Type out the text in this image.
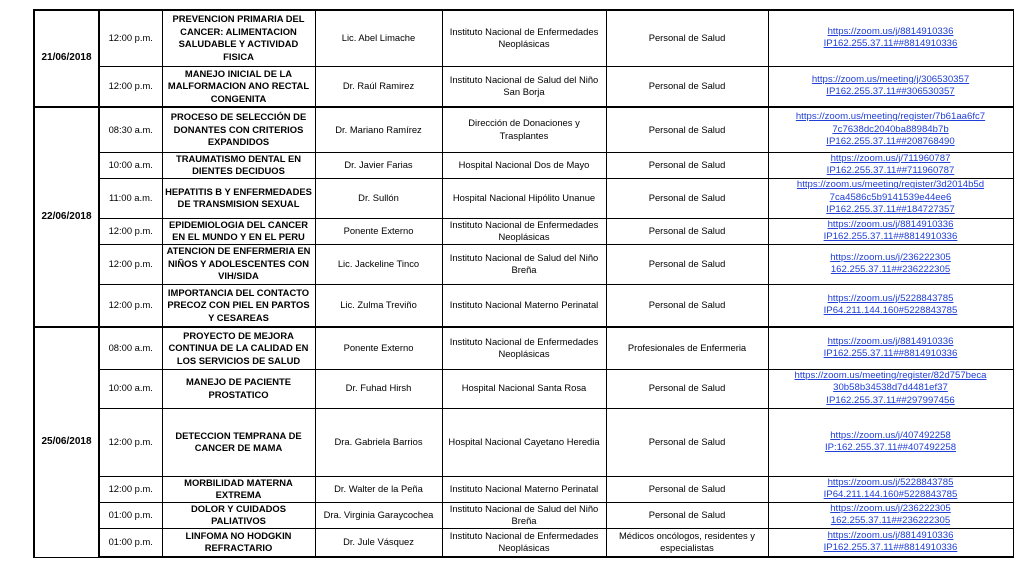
21/06/2018	12:00 p.m.	PREVENCION PRIMARIA DEL CANCER: ALIMENTACION SALUDABLE Y ACTIVIDAD FISICA	Lic. Abel Limache	Instituto Nacional de Enfermedades Neoplásicas	Personal de Salud	https://zoom.us/j/8814910336
IP162.255.37.11##8814910336

	12:00 p.m.	MANEJO INICIAL DE LA MALFORMACION ANO RECTAL CONGENITA	Dr. Raúl Ramirez	Instituto Nacional de Salud del Niño San Borja	Personal de Salud	https://zoom.us/meeting/j/306530357
IP162.255.37.11##306530357

22/06/2018	08:30 a.m.	PROCESO DE SELECCIÓN DE DONANTES CON CRITERIOS EXPANDIDOS	Dr. Mariano Ramírez	Dirección de Donaciones y Trasplantes	Personal de Salud	https://zoom.us/meeting/register/7b61aa6fc7
7c7638dc2040ba88984b7b
IP162.255.37.11##208768490

	10:00 a.m.	TRAUMATISMO DENTAL EN DIENTES DECIDUOS	Dr. Javier Farias	Hospital Nacional Dos de Mayo	Personal de Salud	https://zoom.us/j/711960787
IP162.255.37.11##711960787

	11:00 a.m.	HEPATITIS B Y ENFERMEDADES DE TRANSMISION SEXUAL	Dr. Sullón	Hospital Nacional Hipólito Unanue	Personal de Salud	https://zoom.us/meeting/register/3d2014b5d
7ca4586c5b9141539e44ee6
IP162.255.37.11##184727357

	12:00 p.m.	EPIDEMIOLOGIA DEL CANCER EN EL MUNDO Y EN EL PERU	Ponente Externo	Instituto Nacional de Enfermedades Neoplásicas	Personal de Salud	https://zoom.us/j/8814910336
IP162.255.37.11##8814910336

	12:00 p.m.	ATENCION DE ENFERMERIA EN NIÑOS Y ADOLESCENTES CON VIH/SIDA	Lic. Jackeline Tinco	Instituto Nacional de Salud del Niño Breña	Personal de Salud	https://zoom.us/j/236222305
162.255.37.11##236222305

	12:00 p.m.	IMPORTANCIA DEL CONTACTO PRECOZ CON PIEL EN PARTOS Y CESAREAS	Lic. Zulma Treviño	Instituto Nacional Materno Perinatal	Personal de Salud	https://zoom.us/j/5228843785
IP64.211.144.160#5228843785

25/06/2018	08:00 a.m.	PROYECTO DE MEJORA CONTINUA DE LA CALIDAD EN LOS SERVICIOS DE SALUD	Ponente Externo	Instituto Nacional de Enfermedades Neoplásicas	Profesionales de Enfermeria	https://zoom.us/j/8814910336
IP162.255.37.11##8814910336

	10:00 a.m.	MANEJO DE PACIENTE PROSTATICO	Dr. Fuhad Hirsh	Hospital Nacional Santa Rosa	Personal de Salud	https://zoom.us/meeting/register/82d757beca
30b58b34538d7d4481ef37
IP162.255.37.11##297997456

	12:00 p.m.	DETECCION TEMPRANA DE CANCER DE MAMA	Dra. Gabriela Barrios	Hospital Nacional Cayetano Heredia	Personal de Salud	https://zoom.us/j/407492258
IP:162.255.37.11##407492258

	12:00 p.m.	MORBILIDAD MATERNA EXTREMA	Dr. Walter de la Peña	Instituto Nacional Materno Perinatal	Personal de Salud	https://zoom.us/j/5228843785
IP64.211.144.160#5228843785

	01:00 p.m.	DOLOR Y CUIDADOS PALIATIVOS	Dra. Virginia Garaycochea	Instituto Nacional de Salud del Niño Breña	Personal de Salud	https://zoom.us/j/236222305
162.255.37.11##236222305

	01:00 p.m.	LINFOMA NO HODGKIN REFRACTARIO	Dr. Jule Vásquez	Instituto Nacional de Enfermedades Neoplásicas	Médicos oncólogos, residentes y especialistas	https://zoom.us/j/8814910336
IP162.255.37.11##8814910336
